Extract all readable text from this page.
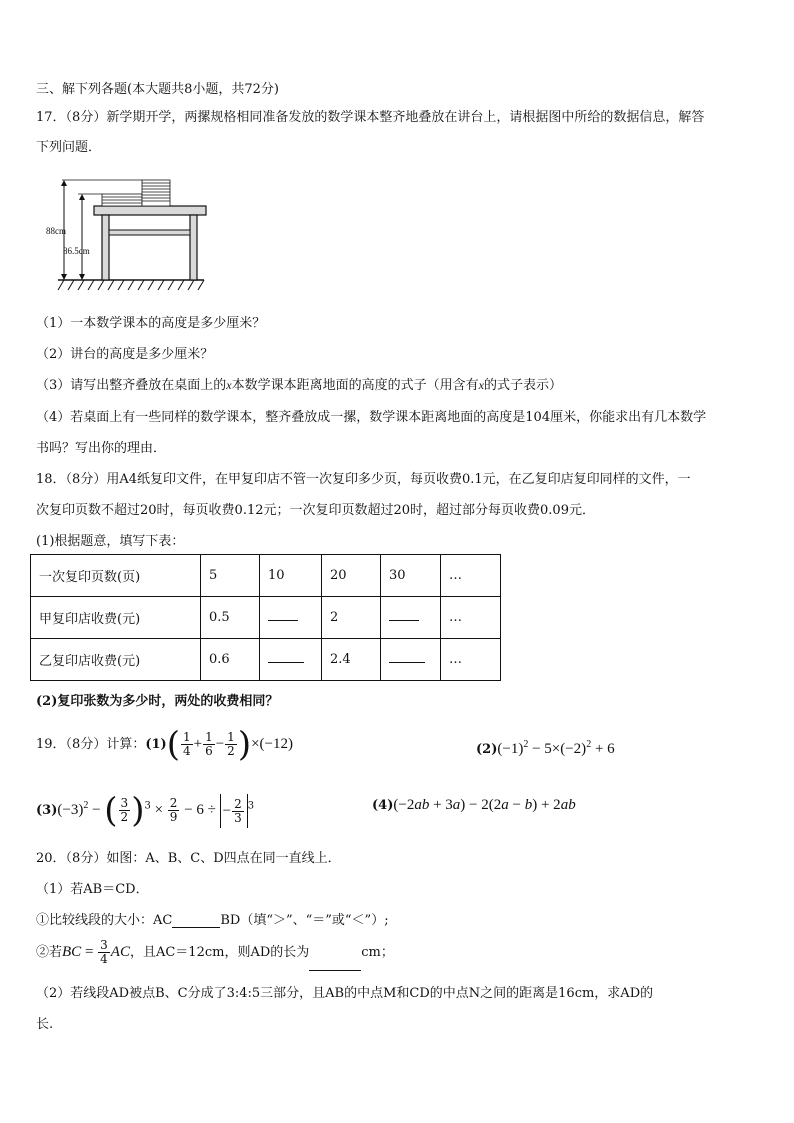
三、解下列各题(本大题共8小题，共72分)
17．（8分）新学期开学，两摞规格相同准备发放的数学课本整齐地叠放在讲台上，请根据图中所给的数据信息，解答
下列问题．
88cm
86.5cm
（1）一本数学课本的高度是多少厘米？
（2）讲台的高度是多少厘米？
（3）请写出整齐叠放在桌面上的x本数学课本距离地面的高度的式子（用含有x的式子表示）
（4）若桌面上有一些同样的数学课本，整齐叠放成一摞，数学课本距离地面的高度是104厘米，你能求出有几本数学
书吗？写出你的理由．
18．（8分）用A4纸复印文件，在甲复印店不管一次复印多少页，每页收费0.1元，在乙复印店复印同样的文件，一
次复印页数不超过20时，每页收费0.12元；一次复印页数超过20时，超过部分每页收费0.09元．
(1)根据题意，填写下表：
一次复印页数(页)	5	10	20	30	…
甲复印店收费(元)	0.5		2		…
乙复印店收费(元)	0.6		2.4		…
(2)复印张数为多少时，两处的收费相同？
19．（8分）计算：$(1)( \frac{1}{4} + \frac{1}{6} - \frac{1}{2} )\times(-12)$	$(2)(-1)^2 - 5\times(-2)^2 + 6$
$(3)(-3)^2$ − ( $\frac{3}{2} )^3 \times \frac{2}{9} - 6$ ÷ − $\frac{2}{3} ^3$	(4)(−2ab + 3a) − 2(2a − b) + 2ab
20．（8分）如图：A、B、C、D四点在同一直线上．
（1）若AB＝CD．
①比较线段的大小：AC	BD（填“＞”、“＝”或“＜”）;
②若BC = $\frac{3}{4}$ AC，且AC＝12cm，则AD的长为	cm；
（2）若线段AD被点B、C分成了3:4:5三部分，且AB的中点M和CD的中点N之间的距离是16cm，求AD的
长.
